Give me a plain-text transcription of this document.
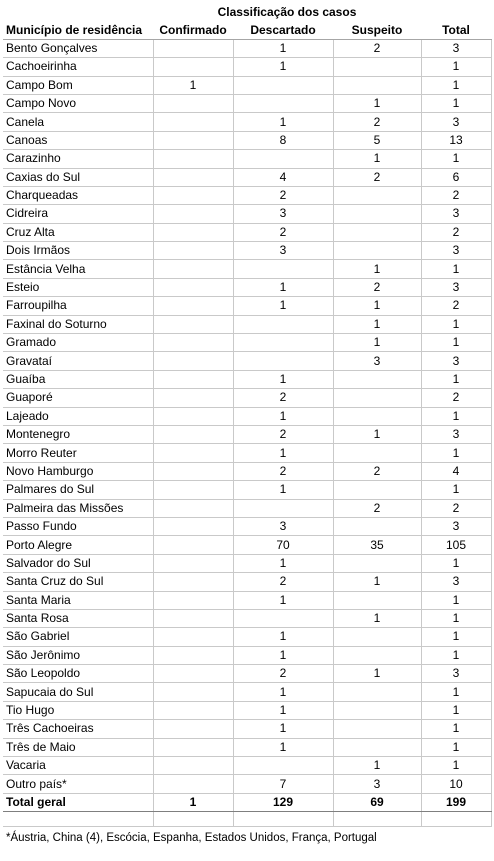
	Classificação dos casos			
Município de residência	Confirmado	Descartado	Suspeito	Total
Bento Gonçalves		1	2	3
Cachoeirinha		1		1
Campo Bom	1			1
Campo Novo			1	1
Canela		1	2	3
Canoas		8	5	13
Carazinho			1	1
Caxias do Sul		4	2	6
Charqueadas		2		2
Cidreira		3		3
Cruz Alta		2		2
Dois Irmãos		3		3
Estância Velha			1	1
Esteio		1	2	3
Farroupilha		1	1	2
Faxinal do Soturno			1	1
Gramado			1	1
Gravataí			3	3
Guaíba		1		1
Guaporé		2		2
Lajeado		1		1
Montenegro		2	1	3
Morro Reuter		1		1
Novo Hamburgo		2	2	4
Palmares do Sul		1		1
Palmeira das Missões			2	2
Passo Fundo		3		3
Porto Alegre		70	35	105
Salvador do Sul		1		1
Santa Cruz do Sul		2	1	3
Santa Maria		1		1
Santa Rosa			1	1
São Gabriel		1		1
São Jerônimo		1		1
São Leopoldo		2	1	3
Sapucaia do Sul		1		1
Tio Hugo		1		1
Três Cachoeiras		1		1
Três de Maio		1		1
Vacaria			1	1
Outro país*		7	3	10
Total geral	1	129	69	199

*Áustria, China (4), Escócia, Espanha, Estados Unidos, França, Portugal				
